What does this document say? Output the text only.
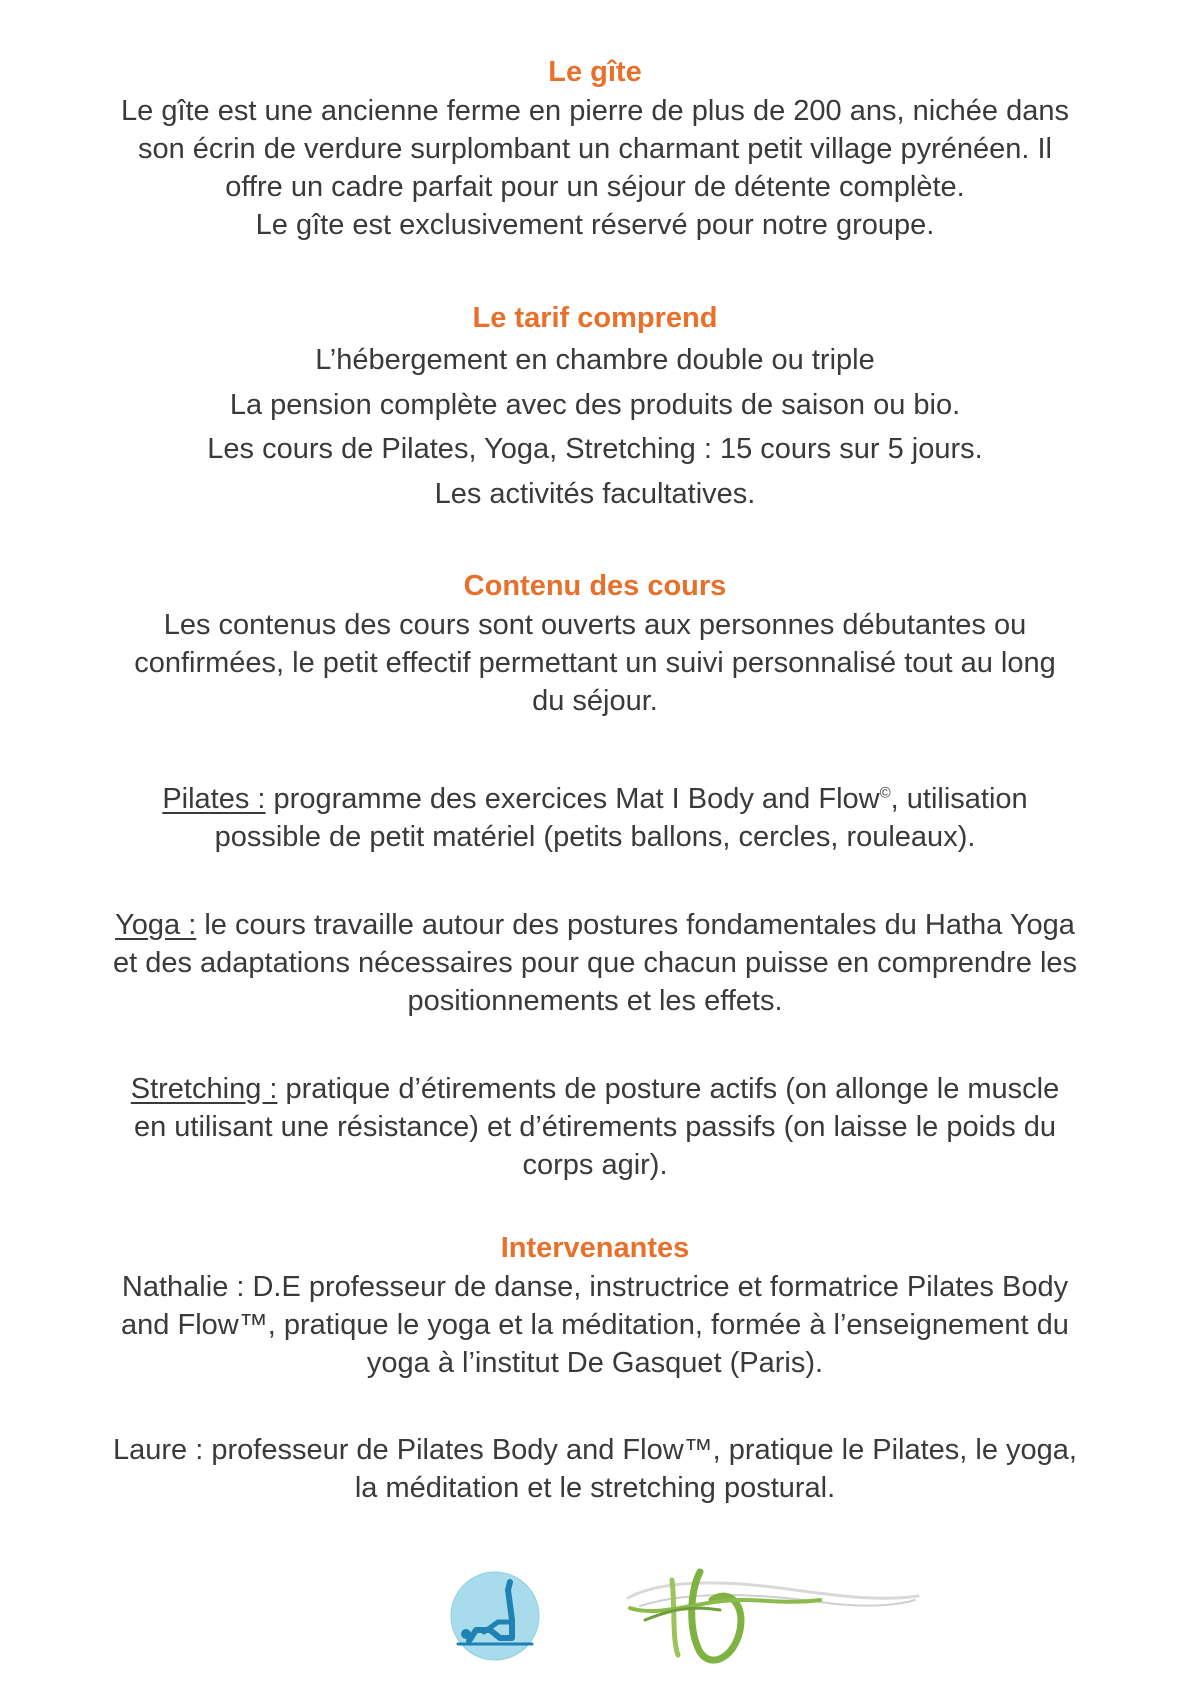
Le gîte

Le gîte est une ancienne ferme en pierre de plus de 200 ans, nichée dans

son écrin de verdure surplombant un charmant petit village pyrénéen. Il

offre un cadre parfait pour un séjour de détente complète.

Le gîte est exclusivement réservé pour notre groupe.

Le tarif comprend

L’hébergement en chambre double ou triple

La pension complète avec des produits de saison ou bio.

Les cours de Pilates, Yoga, Stretching : 15 cours sur 5 jours.

Les activités facultatives.

Contenu des cours

Les contenus des cours sont ouverts aux personnes débutantes ou

confirmées, le petit effectif permettant un suivi personnalisé tout au long

du séjour.

Pilates : programme des exercices Mat I Body and Flow©, utilisation

possible de petit matériel (petits ballons, cercles, rouleaux).

Yoga : le cours travaille autour des postures fondamentales du Hatha Yoga

et des adaptations nécessaires pour que chacun puisse en comprendre les

positionnements et les effets.

Stretching : pratique d’étirements de posture actifs (on allonge le muscle

en utilisant une résistance) et d’étirements passifs (on laisse le poids du

corps agir).

Intervenantes

Nathalie : D.E professeur de danse, instructrice et formatrice Pilates Body

and Flow™, pratique le yoga et la méditation, formée à l’enseignement du

yoga à l’institut De Gasquet (Paris).

Laure : professeur de Pilates Body and Flow™, pratique le Pilates, le yoga,

la méditation et le stretching postural.
